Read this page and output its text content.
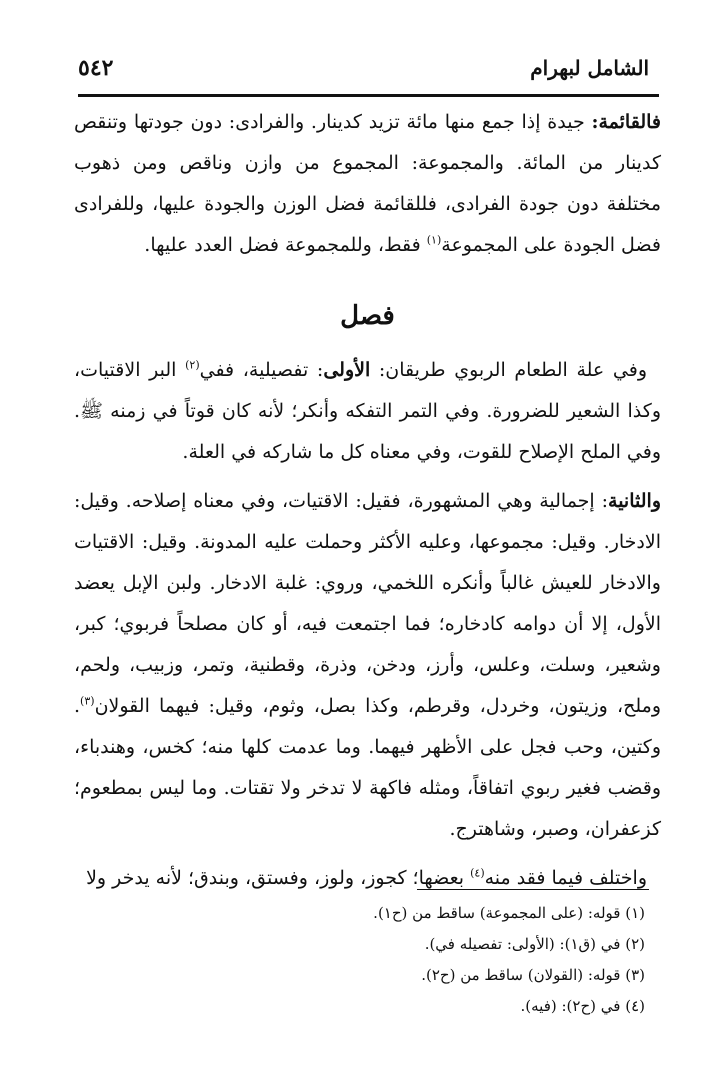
الشامل لبهرام
٥٤٢

فالقائمة: جيدة إذا جمع منها مائة تزيد كدينار. والفرادى: دون جودتها وتنقص كدينار من المائة. والمجموعة: المجموع من وازن وناقص ومن ذهوب مختلفة دون جودة الفرادى، فللقائمة فضل الوزن والجودة عليها، وللفرادى فضل الجودة على المجموعة$^{(١)}$ فقط، وللمجموعة فضل العدد عليها.

فصل

وفي علة الطعام الربوي طريقان: الأولى: تفصيلية، ففي$^{(٢)}$ البر الاقتيات، وكذا الشعير للضرورة. وفي التمر التفكه وأنكر؛ لأنه كان قوتاً في زمنه ﷺ. وفي الملح الإصلاح للقوت، وفي معناه كل ما شاركه في العلة.

والثانية: إجمالية وهي المشهورة، فقيل: الاقتيات، وفي معناه إصلاحه. وقيل: الادخار. وقيل: مجموعها، وعليه الأكثر وحملت عليه المدونة. وقيل: الاقتيات والادخار للعيش غالباً وأنكره اللخمي، وروي: غلبة الادخار. ولبن الإبل يعضد الأول، إلا أن دوامه كادخاره؛ فما اجتمعت فيه، أو كان مصلحاً فربوي؛ كبر، وشعير، وسلت، وعلس، وأرز، ودخن، وذرة، وقطنية، وتمر، وزبيب، ولحم، وملح، وزيتون، وخردل، وقرطم، وكذا بصل، وثوم، وقيل: فيهما القولان$^{(٣)}$. وكتين، وحب فجل على الأظهر فيهما. وما عدمت كلها منه؛ كخس، وهندباء، وقضب فغير ربوي اتفاقاً، ومثله فاكهة لا تدخر ولا تقتات. وما ليس بمطعوم؛ كزعفران، وصبر، وشاهترج.

واختلف فيما فقد منه$^{(٤)}$ بعضها؛ كجوز، ولوز، وفستق، وبندق؛ لأنه يدخر ولا

(١) قوله: (على المجموعة) ساقط من (ح١).
(٢) في (ق١): (الأولى: تفصيله في).
(٣) قوله: (القولان) ساقط من (ح٢).
(٤) في (ح٢): (فيه).
